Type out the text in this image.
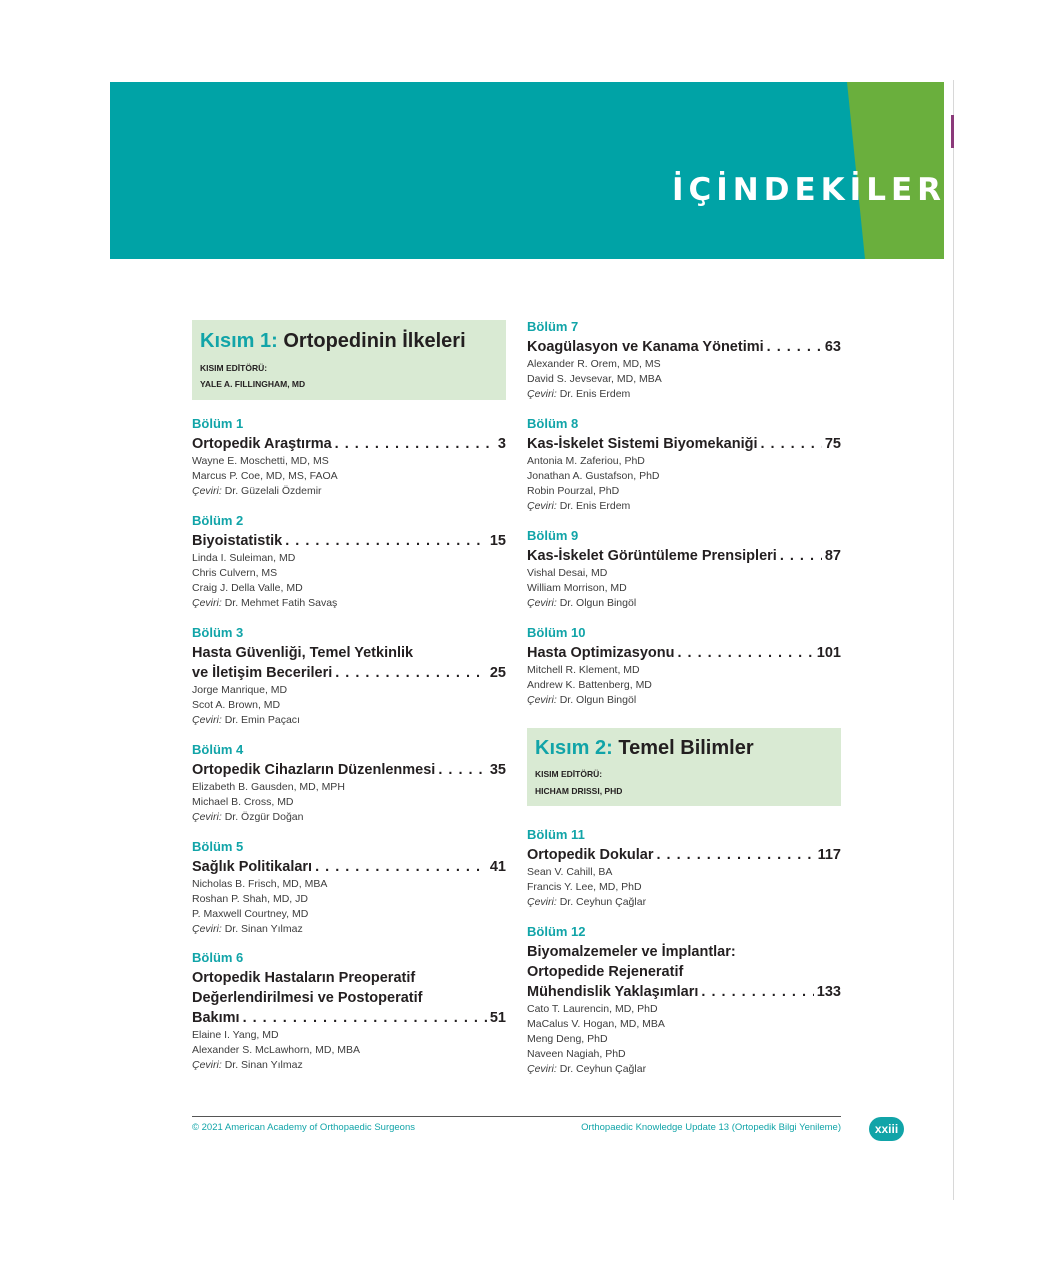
İÇİNDEKİLER
Kısım 1: Ortopedinin İlkeleri
KISIM EDİTÖRÜ:
YALE A. FILLINGHAM, MD
Kısım 2: Temel Bilimler
KISIM EDİTÖRÜ:
HICHAM DRISSI, PHD
Bölüm 1
Ortopedik Araştırma . . .	3
Wayne E. Moschetti, MD, MS
Marcus P. Coe, MD, MS, FAOA
Çeviri: Dr. Güzelali Özdemir
Bölüm 2
Biyoistatistik . . .	15
Linda I. Suleiman, MD
Chris Culvern, MS
Craig J. Della Valle, MD
Çeviri: Dr. Mehmet Fatih Savaş
Bölüm 3
Hasta Güvenliği, Temel Yetkinlik
ve İletişim Becerileri . . .	25
Jorge Manrique, MD
Scot A. Brown, MD
Çeviri: Dr. Emin Paçacı
Bölüm 4
Ortopedik Cihazların Düzenlenmesi . . .	35
Elizabeth B. Gausden, MD, MPH
Michael B. Cross, MD
Çeviri: Dr. Özgür Doğan
Bölüm 5
Sağlık Politikaları . . .	41
Nicholas B. Frisch, MD, MBA
Roshan P. Shah, MD, JD
P. Maxwell Courtney, MD
Çeviri: Dr. Sinan Yılmaz
Bölüm 6
Ortopedik Hastaların Preoperatif
Değerlendirilmesi ve Postoperatif
Bakımı . . .	51
Elaine I. Yang, MD
Alexander S. McLawhorn, MD, MBA
Çeviri: Dr. Sinan Yılmaz
Bölüm 7
Koagülasyon ve Kanama Yönetimi . . .	63
Alexander R. Orem, MD, MS
David S. Jevsevar, MD, MBA
Çeviri: Dr. Enis Erdem
Bölüm 8
Kas-İskelet Sistemi Biyomekaniği . . .	75
Antonia M. Zaferiou, PhD
Jonathan A. Gustafson, PhD
Robin Pourzal, PhD
Çeviri: Dr. Enis Erdem
Bölüm 9
Kas-İskelet Görüntüleme Prensipleri . . .	87
Vishal Desai, MD
William Morrison, MD
Çeviri: Dr. Olgun Bingöl
Bölüm 10
Hasta Optimizasyonu . . .	101
Mitchell R. Klement, MD
Andrew K. Battenberg, MD
Çeviri: Dr. Olgun Bingöl
Bölüm 11
Ortopedik Dokular . . .	117
Sean V. Cahill, BA
Francis Y. Lee, MD, PhD
Çeviri: Dr. Ceyhun Çağlar
Bölüm 12
Biyomalzemeler ve İmplantlar:
Ortopedide Rejeneratif
Mühendislik Yaklaşımları . . .	133
Cato T. Laurencin, MD, PhD
MaCalus V. Hogan, MD, MBA
Meng Deng, PhD
Naveen Nagiah, PhD
Çeviri: Dr. Ceyhun Çağlar
© 2021 American Academy of Orthopaedic Surgeons	Orthopaedic Knowledge Update 13 (Ortopedik Bilgi Yenileme)	xxiii
